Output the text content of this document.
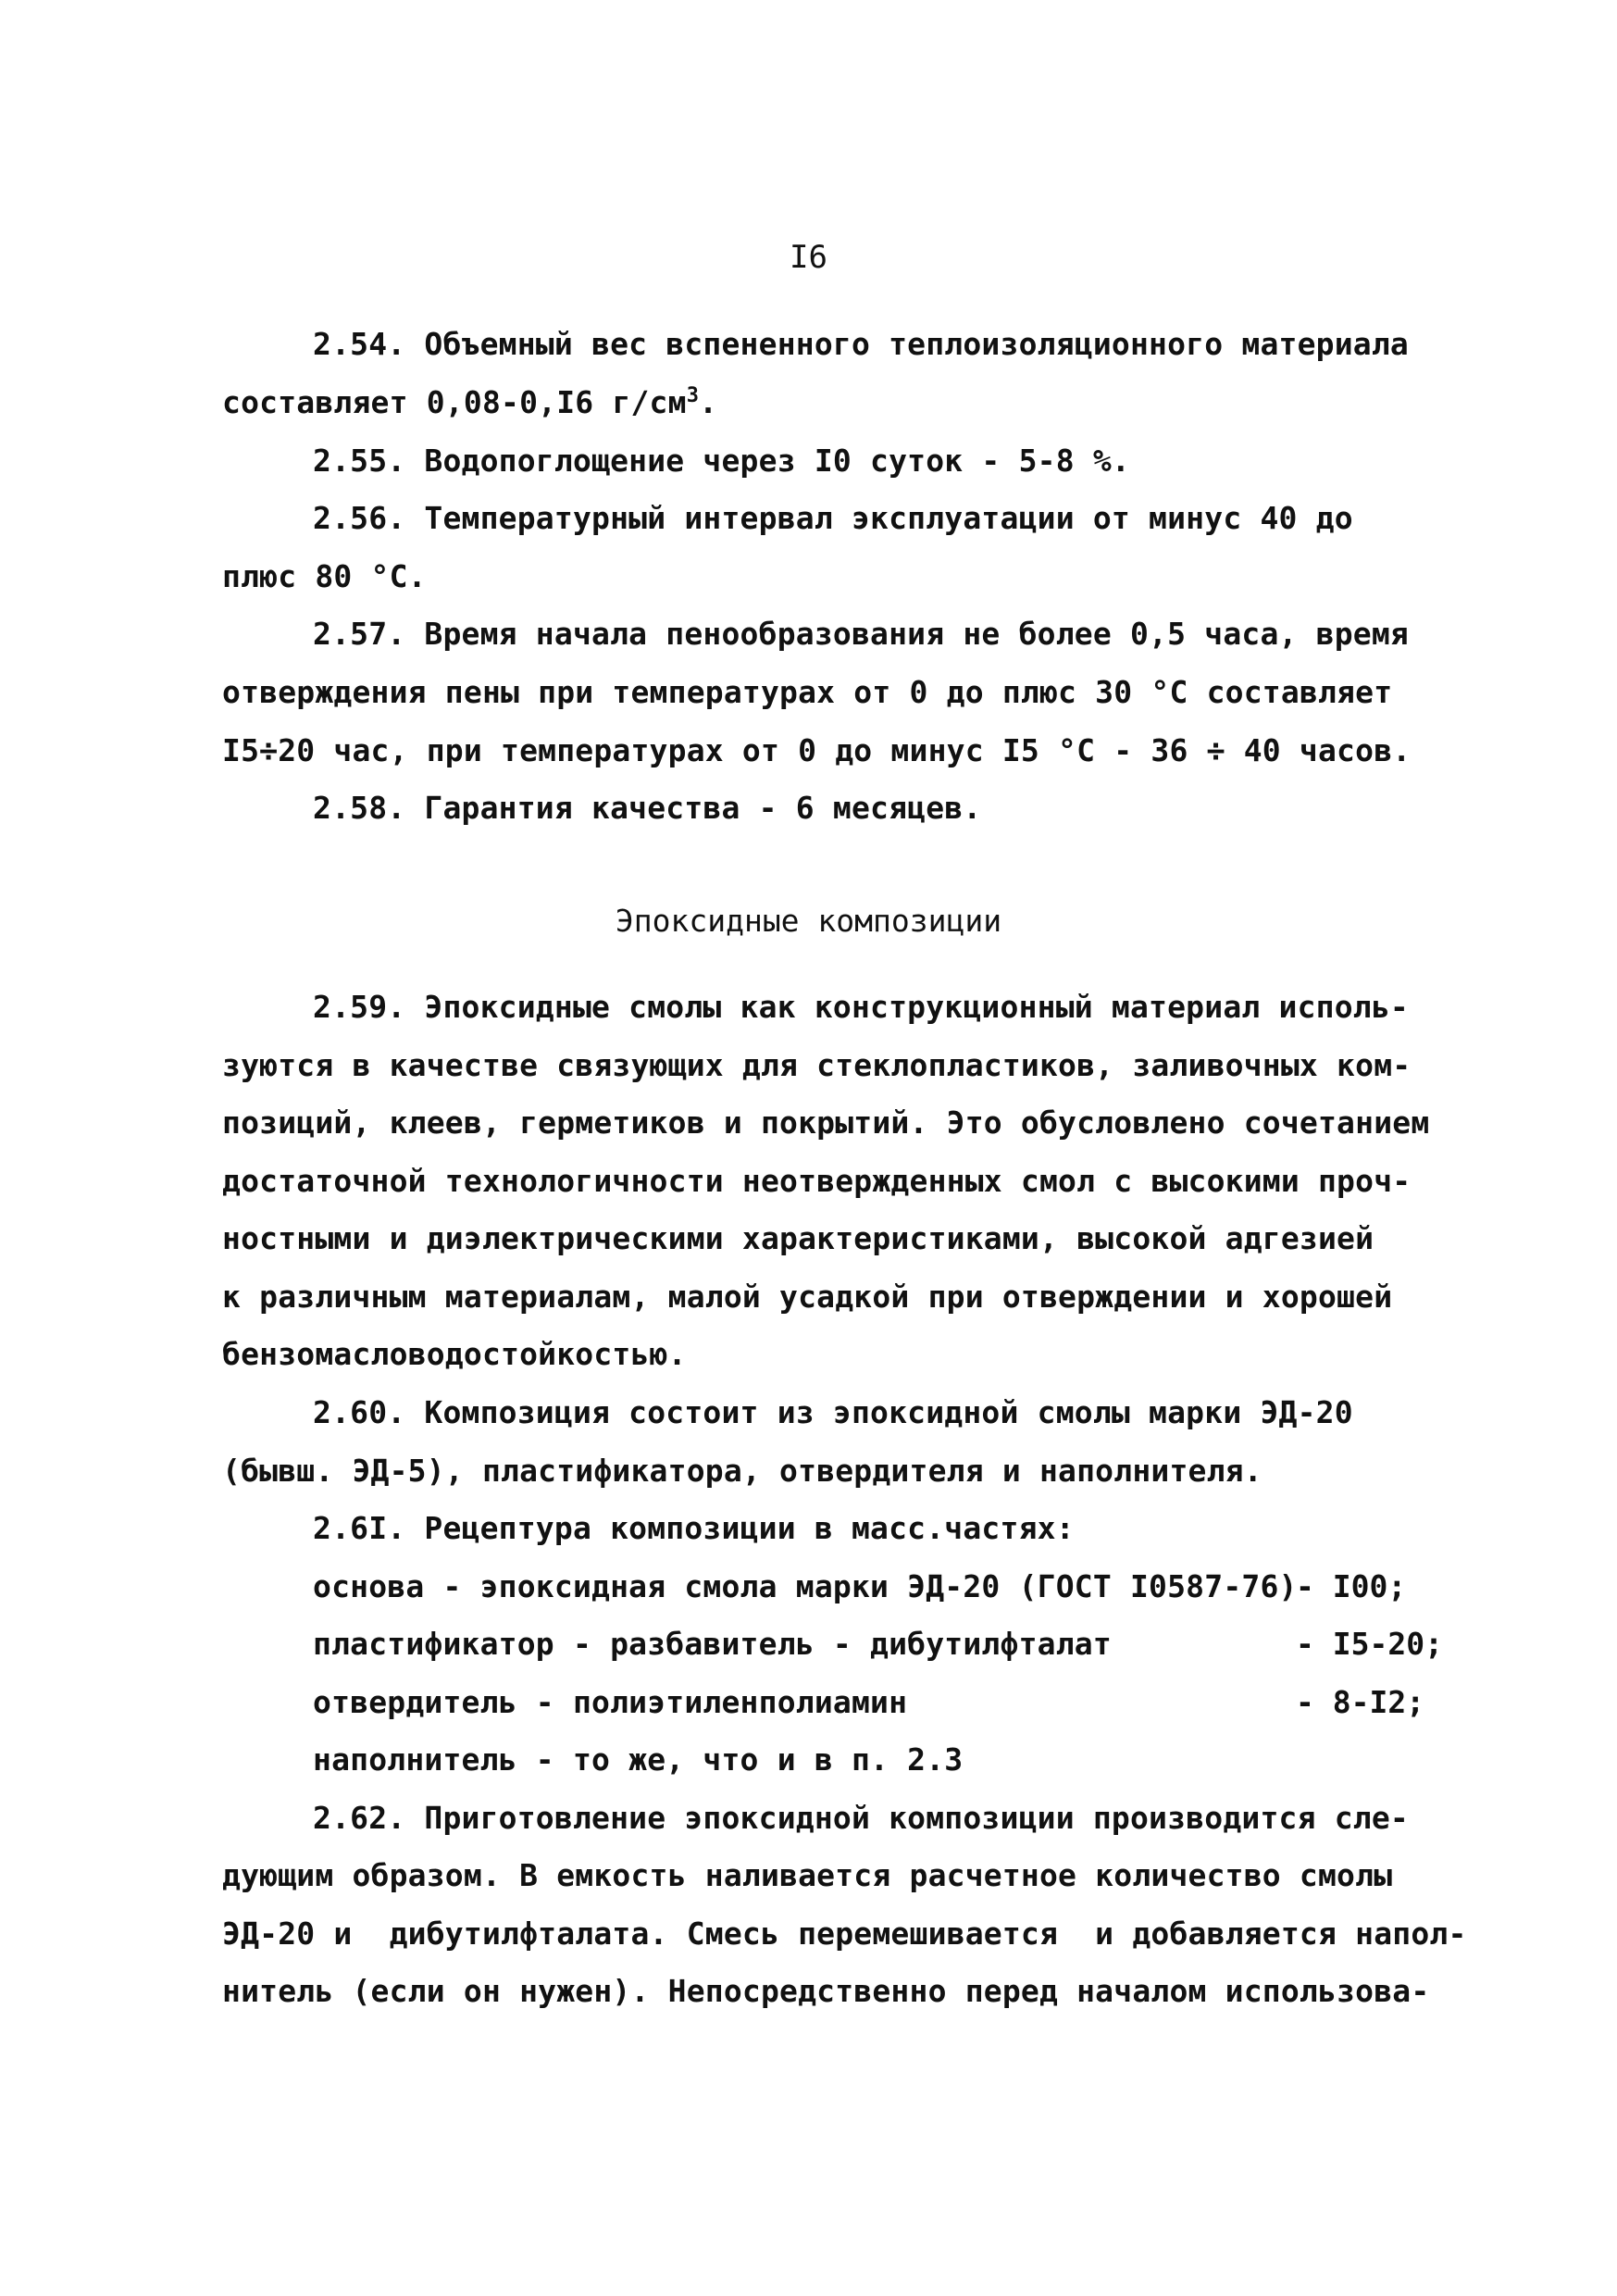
I6
2.54. Объемный вес вспененного теплоизоляционного материала
составляет 0,08-0,I6 $г/см^3$.
2.55. Водопоглощение через I0 суток - 5-8 %.
2.56. Температурный интервал эксплуатации от минус 40 до
плюс 80 °C.
2.57. Время начала пенообразования не более 0,5 часа, время
отверждения пены при температурах от 0 до плюс 30 °C составляет
I5÷20 час, при температурах от 0 до минус I5 °C - 36 ÷ 40 часов.
2.58. Гарантия качества - 6 месяцев.
Эпоксидные композиции
2.59. Эпоксидные смолы как конструкционный материал исполь-
зуются в качестве связующих для стеклопластиков, заливочных ком-
позиций, клеев, герметиков и покрытий. Это обусловлено сочетанием
достаточной технологичности неотвержденных смол с высокими проч-
ностными и диэлектрическими характеристиками, высокой адгезией
к различным материалам, малой усадкой при отверждении и хорошей
бензомасловодостойкостью.
2.60. Композиция состоит из эпоксидной смолы марки ЭД-20
(бывш. ЭД-5), пластификатора, отвердителя и наполнителя.
2.6I. Рецептура композиции в масс.частях:
основа - эпоксидная смола марки ЭД-20 (ГОСТ I0587-76)
- I00;
пластификатор - разбавитель - дибутилфталат	- I5-20;
отвердитель - полиэтиленполиамин	- 8-I2;
наполнитель - то же, что и в п. 2.3
2.62. Приготовление эпоксидной композиции производится сле-
дующим образом. В емкость наливается расчетное количество смолы
ЭД-20 и  дибутилфталата. Смесь перемешивается  и добавляется напол-
нитель (если он нужен). Непосредственно перед началом использова-
